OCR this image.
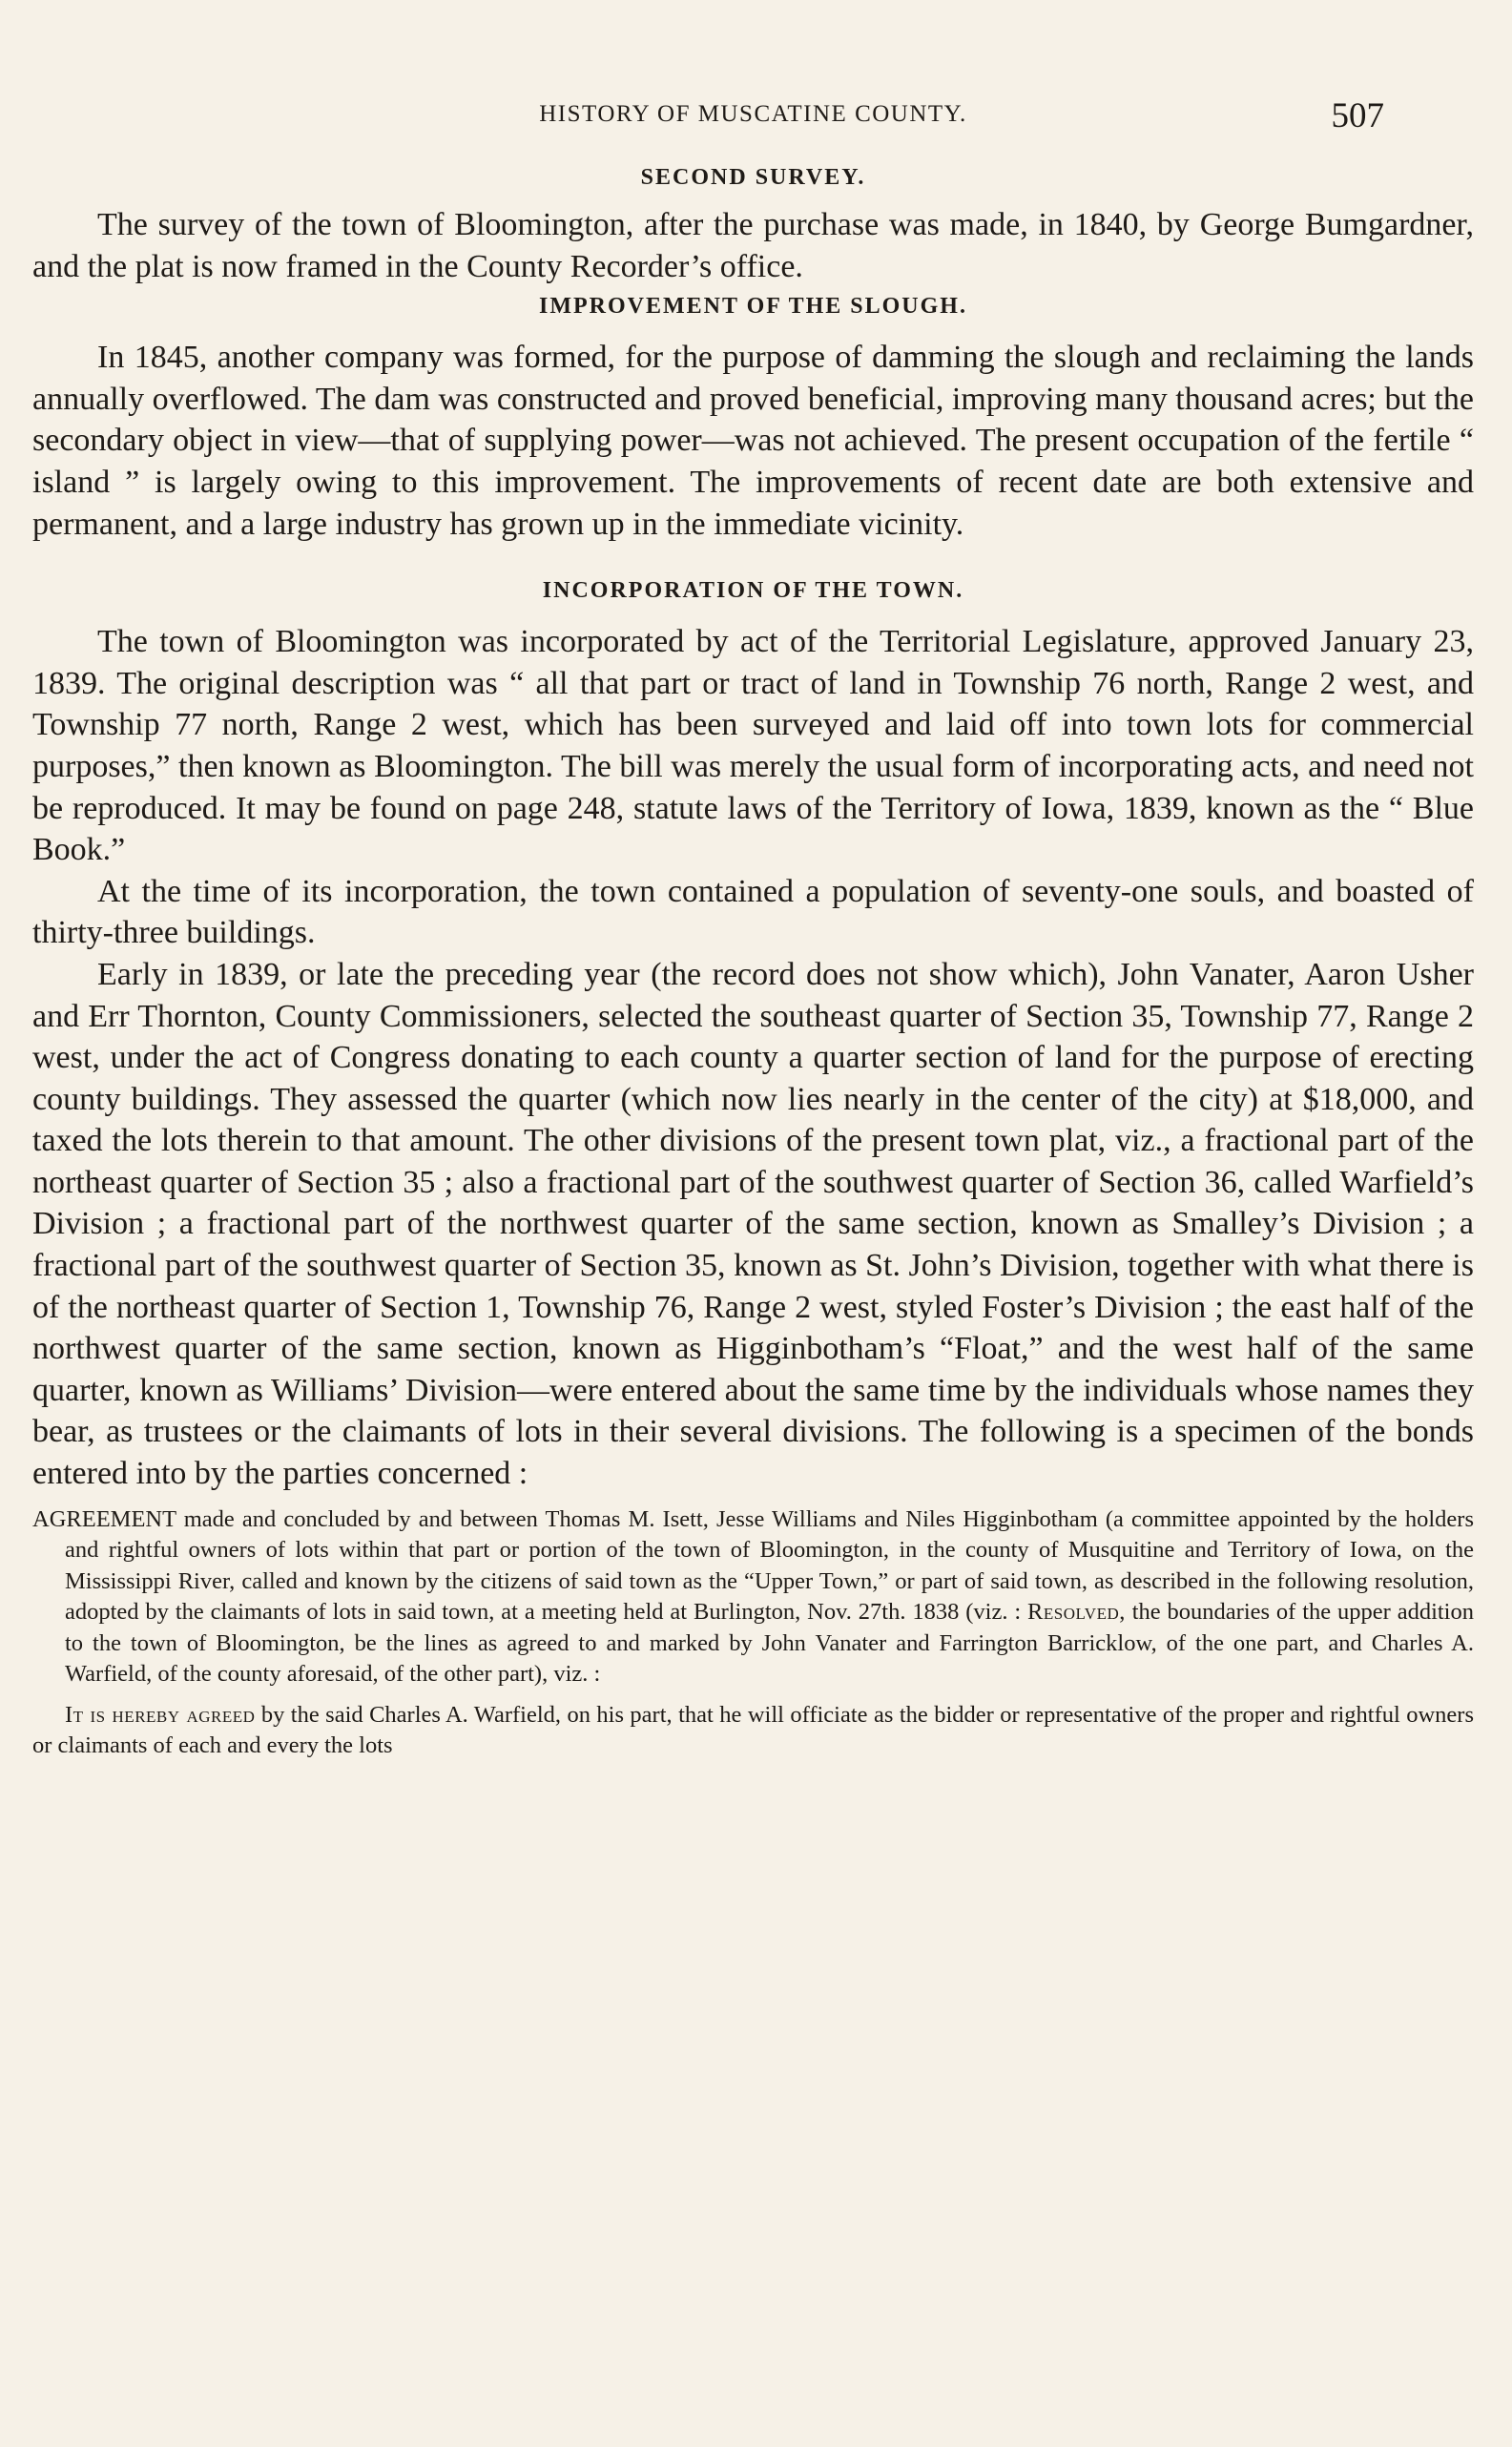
HISTORY OF MUSCATINE COUNTY.	507
SECOND SURVEY.

The survey of the town of Bloomington, after the purchase was made, in 1840, by George Bumgardner, and the plat is now framed in the County Recorder’s office.

IMPROVEMENT OF THE SLOUGH.

In 1845, another company was formed, for the purpose of damming the slough and reclaiming the lands annually overflowed. The dam was constructed and proved beneficial, improving many thousand acres; but the secondary object in view—that of supplying power—was not achieved. The present occupation of the fertile “ island ” is largely owing to this improvement. The improvements of recent date are both extensive and permanent, and a large industry has grown up in the immediate vicinity.

INCORPORATION OF THE TOWN.

The town of Bloomington was incorporated by act of the Territorial Legislature, approved January 23, 1839. The original description was “ all that part or tract of land in Township 76 north, Range 2 west, and Township 77 north, Range 2 west, which has been surveyed and laid off into town lots for commercial purposes,” then known as Bloomington. The bill was merely the usual form of incorporating acts, and need not be reproduced. It may be found on page 248, statute laws of the Territory of Iowa, 1839, known as the “ Blue Book.”

At the time of its incorporation, the town contained a population of seventy-one souls, and boasted of thirty-three buildings.

Early in 1839, or late the preceding year (the record does not show which), John Vanater, Aaron Usher and Err Thornton, County Commissioners, selected the southeast quarter of Section 35, Township 77, Range 2 west, under the act of Congress donating to each county a quarter section of land for the purpose of erecting county buildings. They assessed the quarter (which now lies nearly in the center of the city) at $18,000, and taxed the lots therein to that amount. The other divisions of the present town plat, viz., a fractional part of the northeast quarter of Section 35 ; also a fractional part of the southwest quarter of Section 36, called Warfield’s Division ; a fractional part of the northwest quarter of the same section, known as Smalley’s Division ; a fractional part of the southwest quarter of Section 35, known as St. John’s Division, together with what there is of the northeast quarter of Section 1, Township 76, Range 2 west, styled Foster’s Division ; the east half of the northwest quarter of the same section, known as Higginbotham’s “Float,” and the west half of the same quarter, known as Williams’ Division—were entered about the same time by the individuals whose names they bear, as trustees or the claimants of lots in their several divisions. The following is a specimen of the bonds entered into by the parties concerned :

AGREEMENT made and concluded by and between Thomas M. Isett, Jesse Williams and Niles Higginbotham (a committee appointed by the holders and rightful owners of lots within that part or portion of the town of Bloomington, in the county of Musquitine and Territory of Iowa, on the Mississippi River, called and known by the citizens of said town as the “Upper Town,” or part of said town, as described in the following resolution, adopted by the claimants of lots in said town, at a meeting held at Burlington, Nov. 27th. 1838 (viz. : Resolved, the boundaries of the upper addition to the town of Bloomington, be the lines as agreed to and marked by John Vanater and Farrington Barricklow, of the one part, and Charles A. Warfield, of the county aforesaid, of the other part), viz. :

It is hereby agreed by the said Charles A. Warfield, on his part, that he will officiate as the bidder or representative of the proper and rightful owners or claimants of each and every the lots
